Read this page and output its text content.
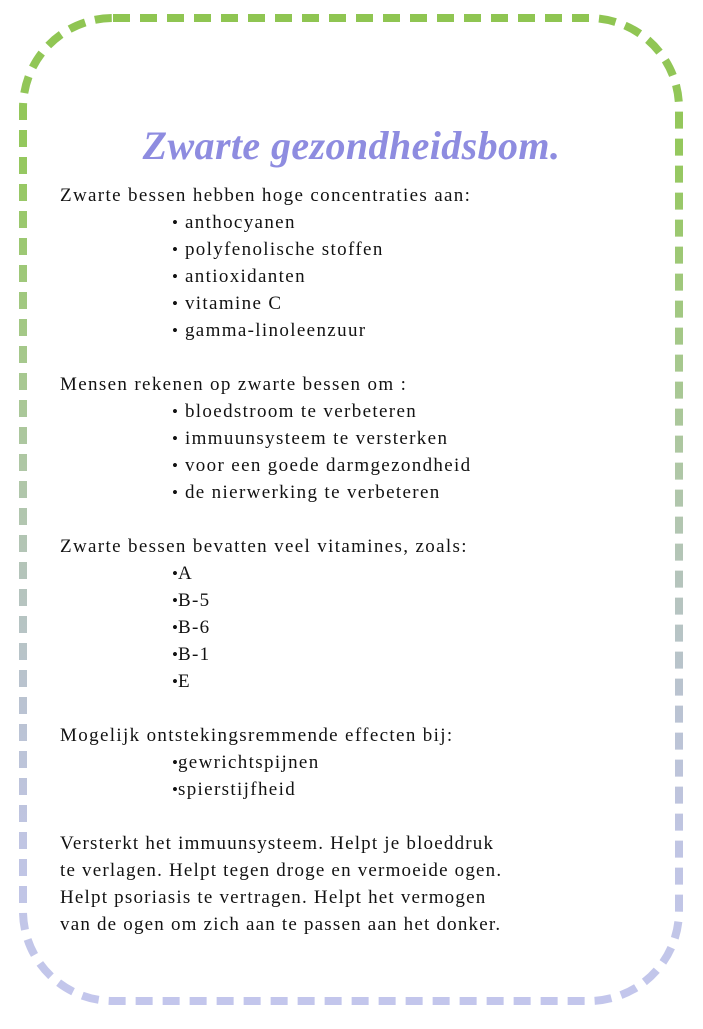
Zwarte gezondheidsbom.
Zwarte bessen hebben hoge concentraties aan:
• anthocyanen
• polyfenolische stoffen
• antioxidanten
• vitamine C
• gamma-linoleenzuur
Mensen rekenen op zwarte bessen om :
• bloedstroom te verbeteren
• immuunsysteem te versterken
• voor een goede darmgezondheid
• de nierwerking te verbeteren
Zwarte bessen bevatten veel vitamines, zoals:
•A
•B-5
•B-6
•B-1
•E
Mogelijk ontstekingsremmende effecten bij:
•gewrichtspijnen
•spierstijfheid
Versterkt het immuunsysteem. Helpt je bloeddruk
te verlagen. Helpt tegen droge en vermoeide ogen.
Helpt psoriasis te vertragen. Helpt het vermogen
van de ogen om zich aan te passen aan het donker.
